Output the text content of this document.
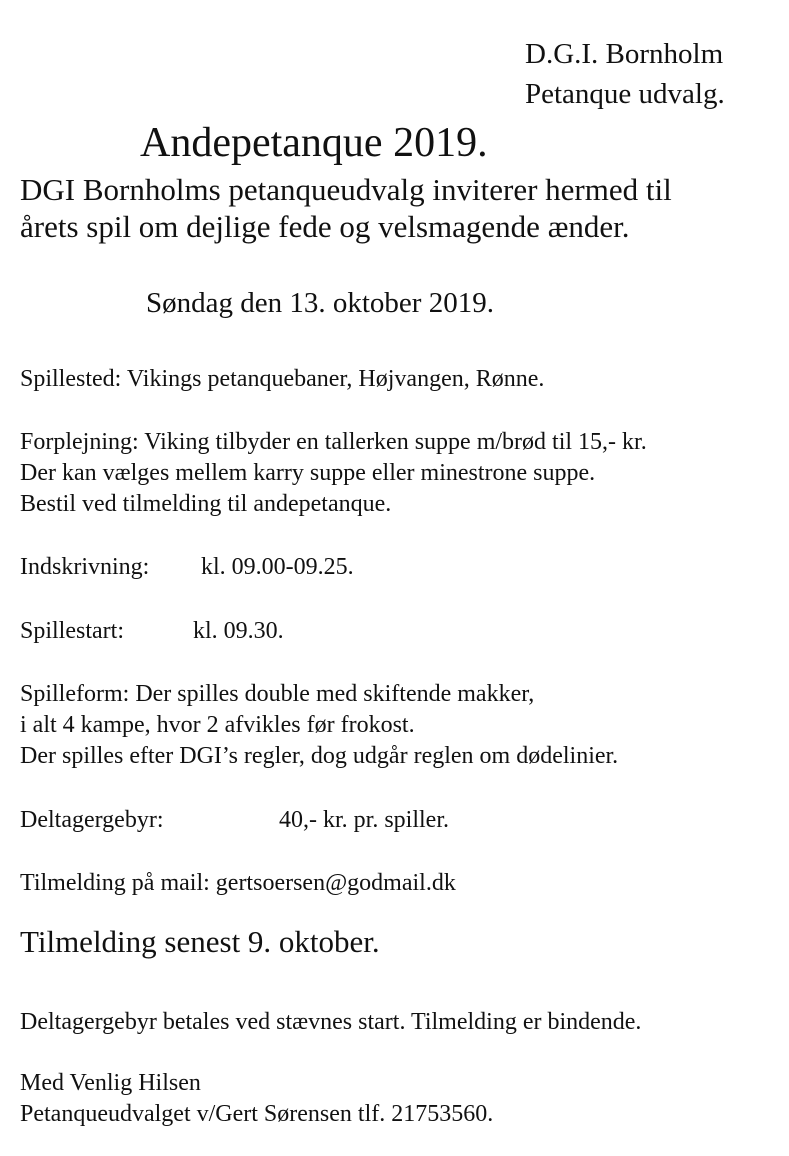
D.G.I. Bornholm
Petanque udvalg.
Andepetanque 2019.
DGI Bornholms petanqueudvalg inviterer hermed til
årets spil om dejlige fede og velsmagende ænder.
Søndag den 13. oktober 2019.
Spillested: Vikings petanquebaner, Højvangen, Rønne.
Forplejning: Viking tilbyder en tallerken suppe m/brød til 15,- kr.
Der kan vælges mellem karry suppe eller minestrone suppe.
Bestil ved tilmelding til andepetanque.
Indskrivning: kl. 09.00-09.25.
Spillestart:	kl. 09.30.
Spilleform: Der spilles double med skiftende makker,
i alt 4 kampe, hvor 2 afvikles før frokost.
Der spilles efter DGI’s regler, dog udgår reglen om dødelinier.
Deltagergebyr:	40,- kr. pr. spiller.
Tilmelding på mail: gertsoersen@godmail.dk
Tilmelding senest 9. oktober.
Deltagergebyr betales ved stævnes start. Tilmelding er bindende.
Med Venlig Hilsen
Petanqueudvalget v/Gert Sørensen tlf. 21753560.
